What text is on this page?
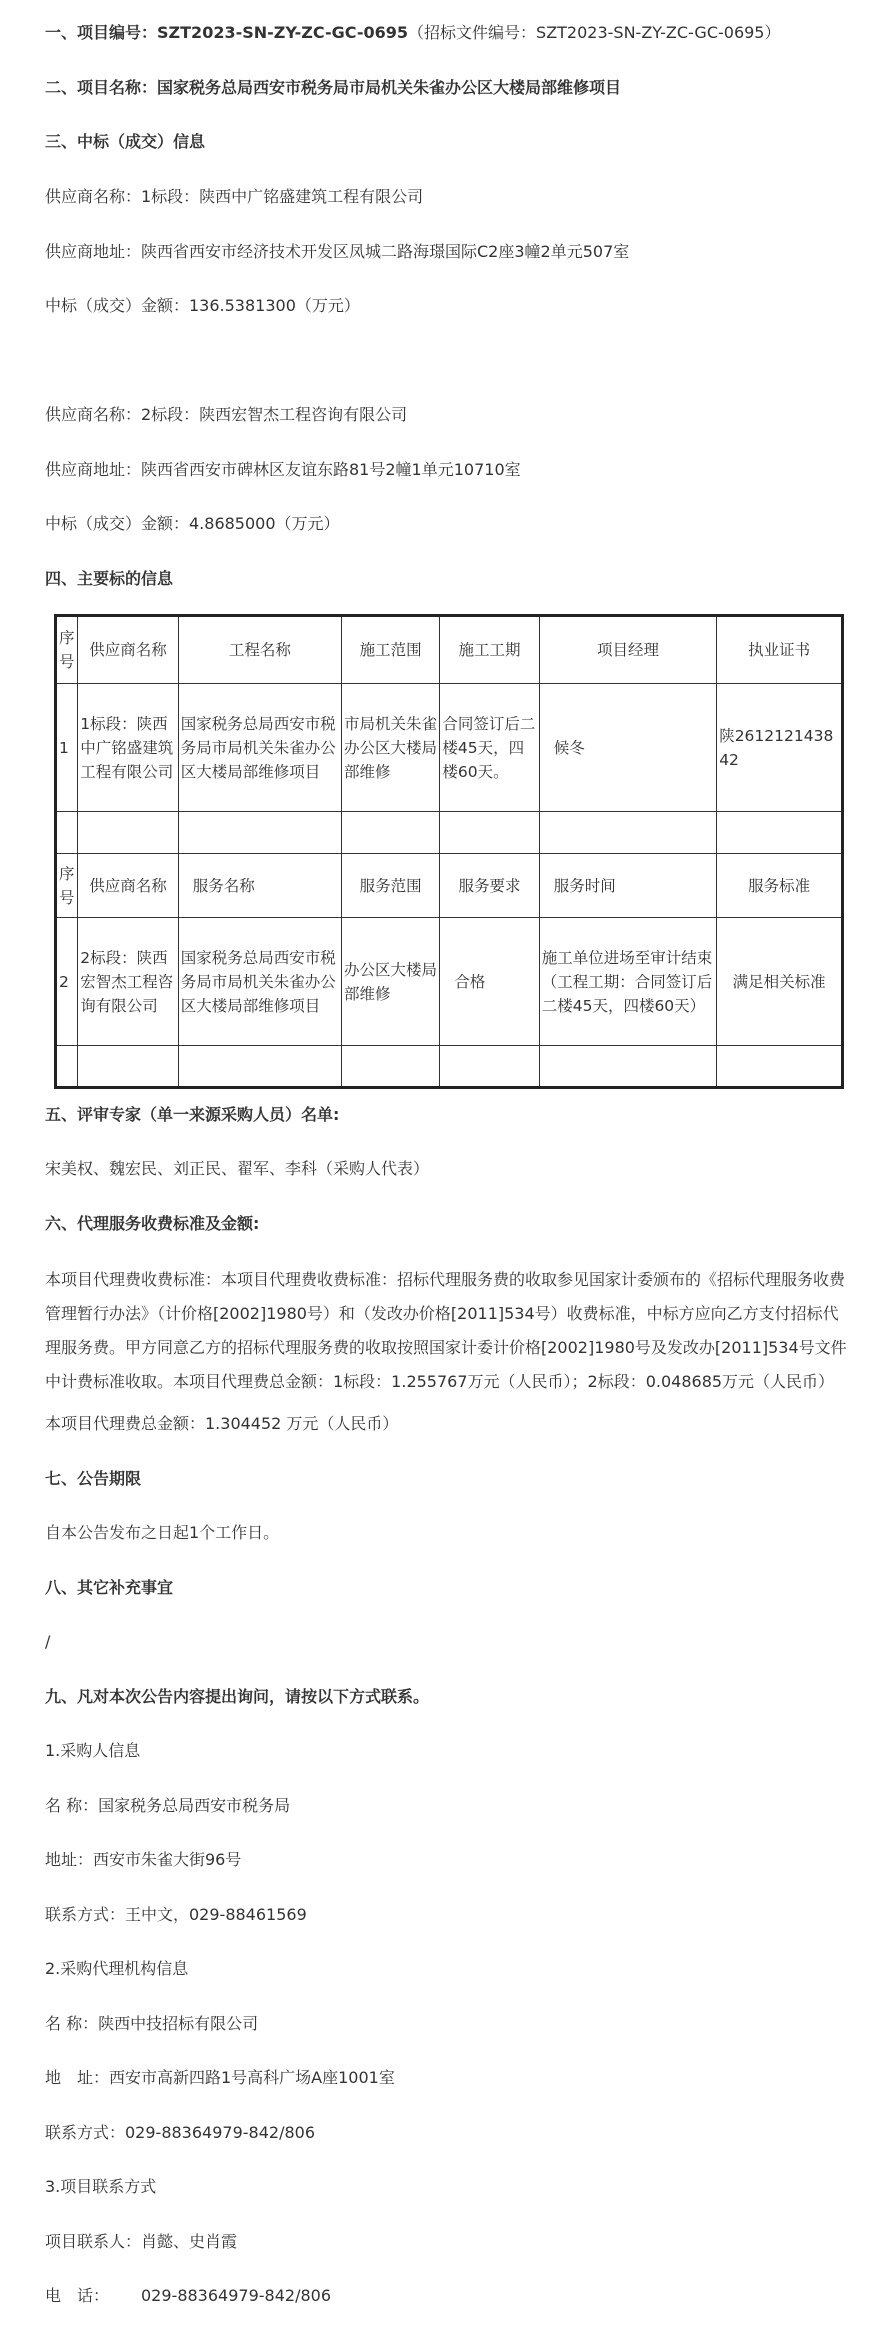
一、项目编号：SZT2023-SN-ZY-ZC-GC-0695（招标文件编号：SZT2023-SN-ZY-ZC-GC-0695）
二、项目名称：国家税务总局西安市税务局市局机关朱雀办公区大楼局部维修项目
三、中标（成交）信息
供应商名称：1标段：陕西中广铭盛建筑工程有限公司
供应商地址：陕西省西安市经济技术开发区凤城二路海璟国际C2座3幢2单元507室
中标（成交）金额：136.5381300（万元）
供应商名称：2标段：陕西宏智杰工程咨询有限公司
供应商地址：陕西省西安市碑林区友谊东路81号2幢1单元10710室
中标（成交）金额：4.8685000（万元）
四、主要标的信息
序号	供应商名称	工程名称	施工范围	施工工期	项目经理	执业证书
1	1标段：陕西中广铭盛建筑工程有限公司	国家税务总局西安市税务局市局机关朱雀办公区大楼局部维修项目	市局机关朱雀办公区大楼局部维修	合同签订后二楼45天，四楼60天。	候冬	陕261212143842

序号	供应商名称	服务名称	服务范围	服务要求	服务时间	服务标准
2	2标段：陕西宏智杰工程咨询有限公司	国家税务总局西安市税务局市局机关朱雀办公区大楼局部维修项目	办公区大楼局部维修	合格	施工单位进场至审计结束（工程工期：合同签订后二楼45天，四楼60天）	满足相关标准

五、评审专家（单一来源采购人员）名单:
宋美权、魏宏民、刘正民、翟军、李科（采购人代表）
六、代理服务收费标准及金额:
本项目代理费收费标准：本项目代理费收费标准：招标代理服务费的收取参见国家计委颁布的《招标代理服务收费
管理暂行办法》（计价格[2002]1980号）和（发改办价格[2011]534号）收费标准，中标方应向乙方支付招标代
理服务费。甲方同意乙方的招标代理服务费的收取按照国家计委计价格[2002]1980号及发改办[2011]534号文件
中计费标准收取。本项目代理费总金额：1标段：1.255767万元（人民币）；2标段：0.048685万元（人民币）
本项目代理费总金额：1.304452 万元（人民币）
七、公告期限
自本公告发布之日起1个工作日。
八、其它补充事宜
/
九、凡对本次公告内容提出询问，请按以下方式联系。
1.采购人信息
名 称：国家税务总局西安市税务局
地址：西安市朱雀大街96号
联系方式：王中文，029-88461569
2.采购代理机构信息
名 称：陕西中技招标有限公司
地　址：西安市高新四路1号高科广场A座1001室
联系方式：029-88364979-842/806
3.项目联系方式
项目联系人：肖懿、史肖霞
电　话： 029-88364979-842/806
